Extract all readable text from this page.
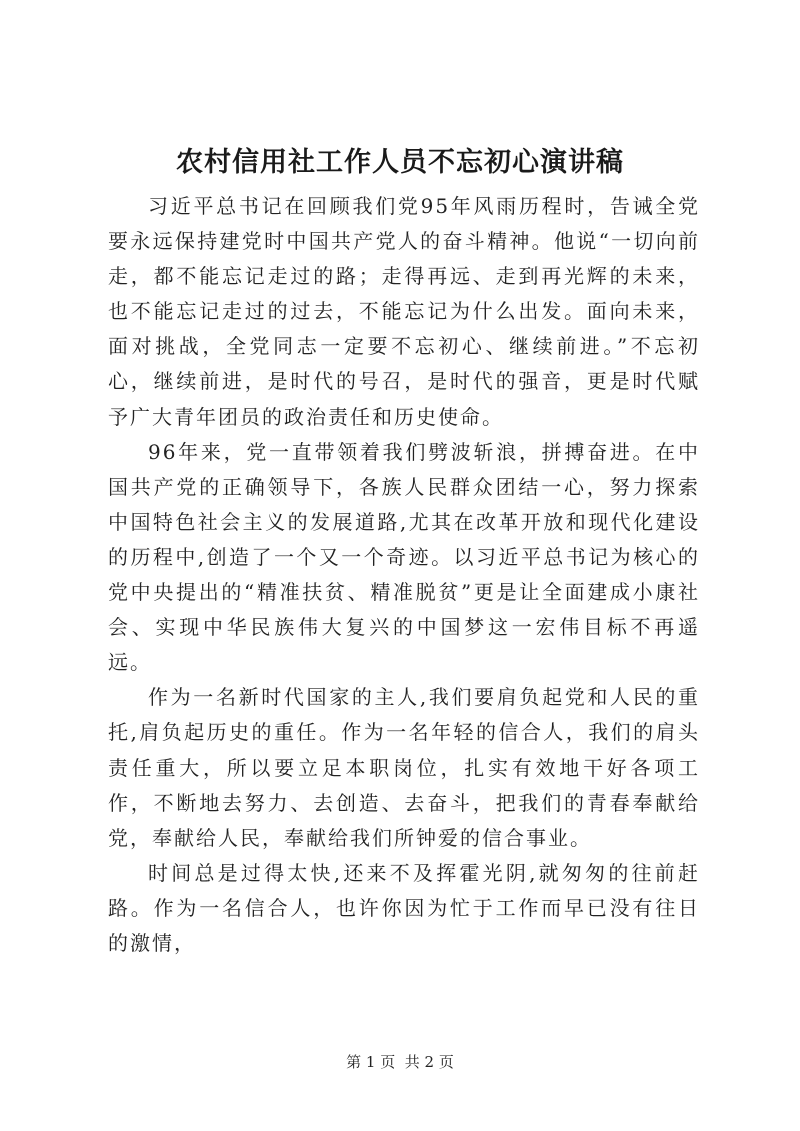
农村信用社工作人员不忘初心演讲稿

习近平总书记在回顾我们党95年风雨历程时，告诫全党要永远保持建党时中国共产党人的奋斗精神。他说“一切向前走，都不能忘记走过的路；走得再远、走到再光辉的未来，也不能忘记走过的过去，不能忘记为什么出发。面向未来，面对挑战，全党同志一定要不忘初心、继续前进。”不忘初心，继续前进，是时代的号召，是时代的强音，更是时代赋予广大青年团员的政治责任和历史使命。

96年来，党一直带领着我们劈波斩浪，拼搏奋进。在中国共产党的正确领导下，各族人民群众团结一心，努力探索中国特色社会主义的发展道路,尤其在改革开放和现代化建设的历程中,创造了一个又一个奇迹。以习近平总书记为核心的党中央提出的“精准扶贫、精准脱贫”更是让全面建成小康社会、实现中华民族伟大复兴的中国梦这一宏伟目标不再遥远。

作为一名新时代国家的主人,我们要肩负起党和人民的重托,肩负起历史的重任。作为一名年轻的信合人，我们的肩头责任重大，所以要立足本职岗位，扎实有效地干好各项工作，不断地去努力、去创造、去奋斗，把我们的青春奉献给党，奉献给人民，奉献给我们所钟爱的信合事业。

时间总是过得太快,还来不及挥霍光阴,就匆匆的往前赶路。作为一名信合人，也许你因为忙于工作而早已没有往日的激情，

第 1 页  共 2 页
